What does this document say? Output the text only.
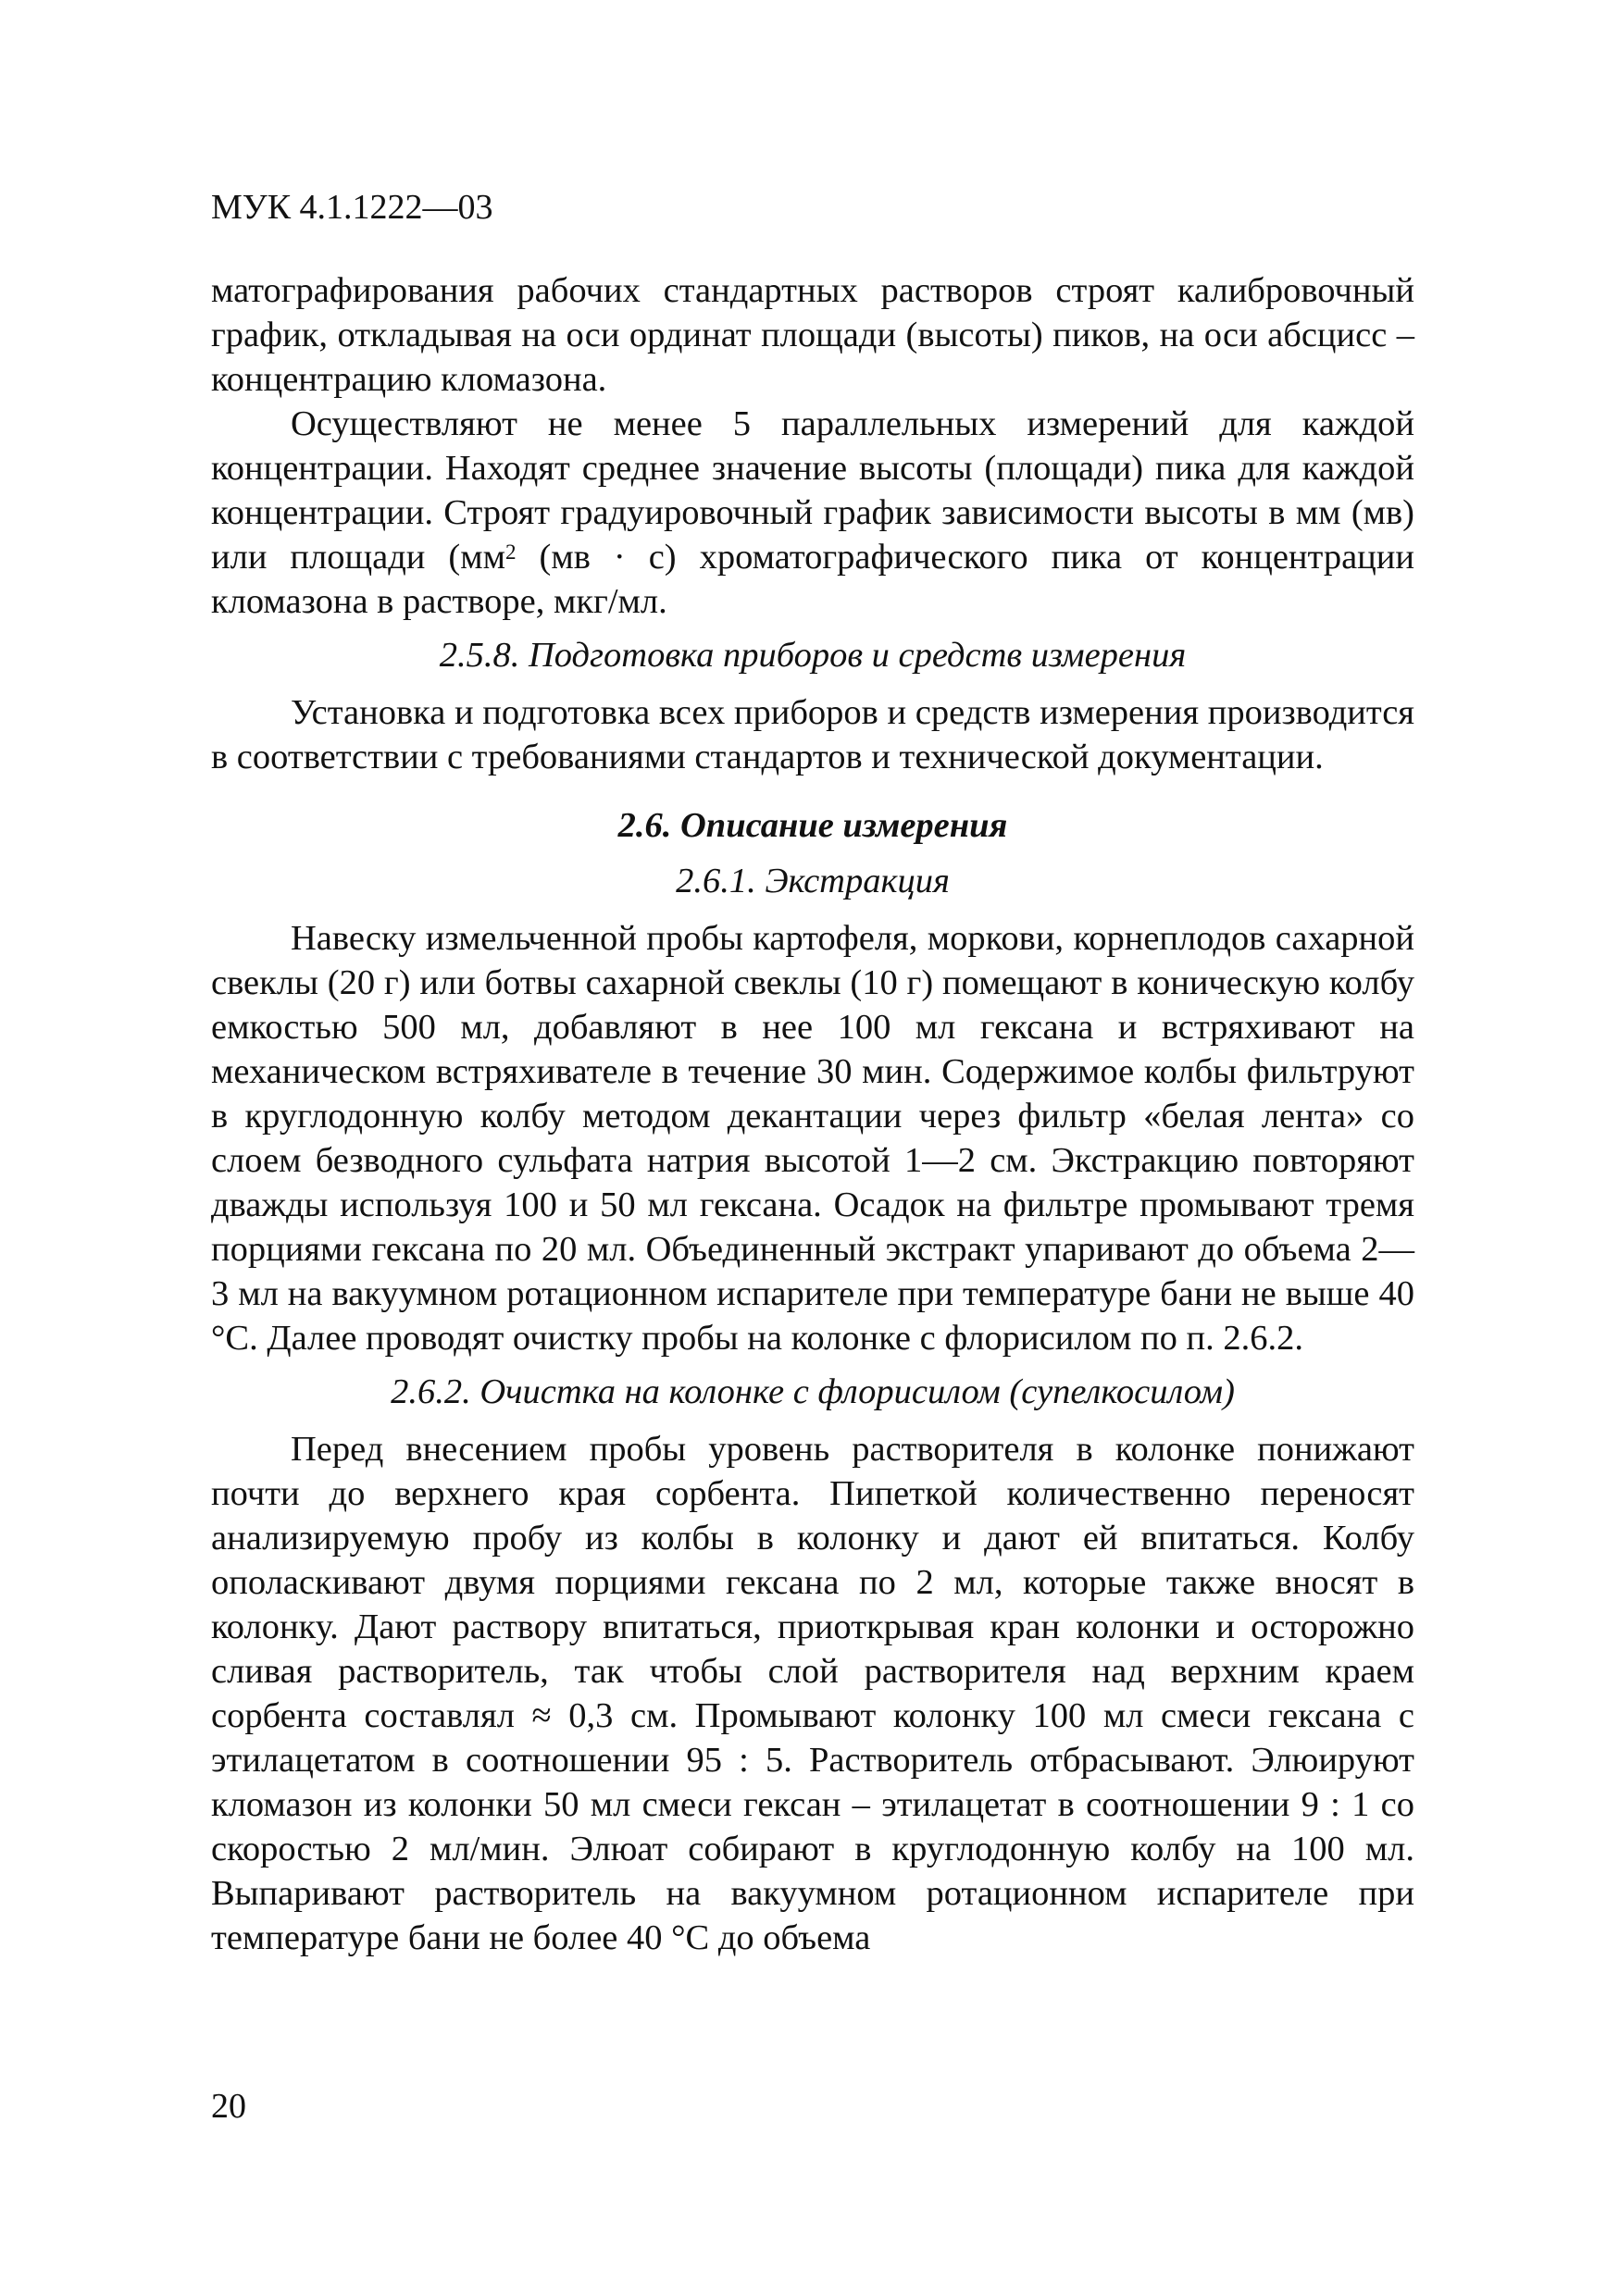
МУК 4.1.1222—03

матографирования рабочих стандартных растворов строят калибровочный график, откладывая на оси ординат площади (высоты) пиков, на оси абсцисс – концентрацию кломазона.

Осуществляют не менее 5 параллельных измерений для каждой концентрации. Находят среднее значение высоты (площади) пика для каждой концентрации. Строят градуировочный график зависимости высоты в мм (мв) или площади ($мм^2$ (мв · с) хроматографического пика от концентрации кломазона в растворе, мкг/мл.

2.5.8. Подготовка приборов и средств измерения

Установка и подготовка всех приборов и средств измерения производится в соответствии с требованиями стандартов и технической документации.

2.6. Описание измерения
2.6.1. Экстракция

Навеску измельченной пробы картофеля, моркови, корнеплодов сахарной свеклы (20 г) или ботвы сахарной свеклы (10 г) помещают в коническую колбу емкостью 500 мл, добавляют в нее 100 мл гексана и встряхивают на механическом встряхивателе в течение 30 мин. Содержимое колбы фильтруют в круглодонную колбу методом декантации через фильтр «белая лента» со слоем безводного сульфата натрия высотой 1—2 см. Экстракцию повторяют дважды используя 100 и 50 мл гексана. Осадок на фильтре промывают тремя порциями гексана по 20 мл. Объединенный экстракт упаривают до объема 2—3 мл на вакуумном ротационном испарителе при температуре бани не выше 40 °С. Далее проводят очистку пробы на колонке с флорисилом по п. 2.6.2.

2.6.2. Очистка на колонке с флорисилом (супелкосилом)

Перед внесением пробы уровень растворителя в колонке понижают почти до верхнего края сорбента. Пипеткой количественно переносят анализируемую пробу из колбы в колонку и дают ей впитаться. Колбу ополаскивают двумя порциями гексана по 2 мл, которые также вносят в колонку. Дают раствору впитаться, приоткрывая кран колонки и осторожно сливая растворитель, так чтобы слой растворителя над верхним краем сорбента составлял ≈ 0,3 см. Промывают колонку 100 мл смеси гексана с этилацетатом в соотношении 95 : 5. Растворитель отбрасывают. Элюируют кломазон из колонки 50 мл смеси гексан – этилацетат в соотношении 9 : 1 со скоростью 2 мл/мин. Элюат собирают в круглодонную колбу на 100 мл. Выпаривают растворитель на вакуумном ротационном испарителе при температуре бани не более 40 °С до объема

20
